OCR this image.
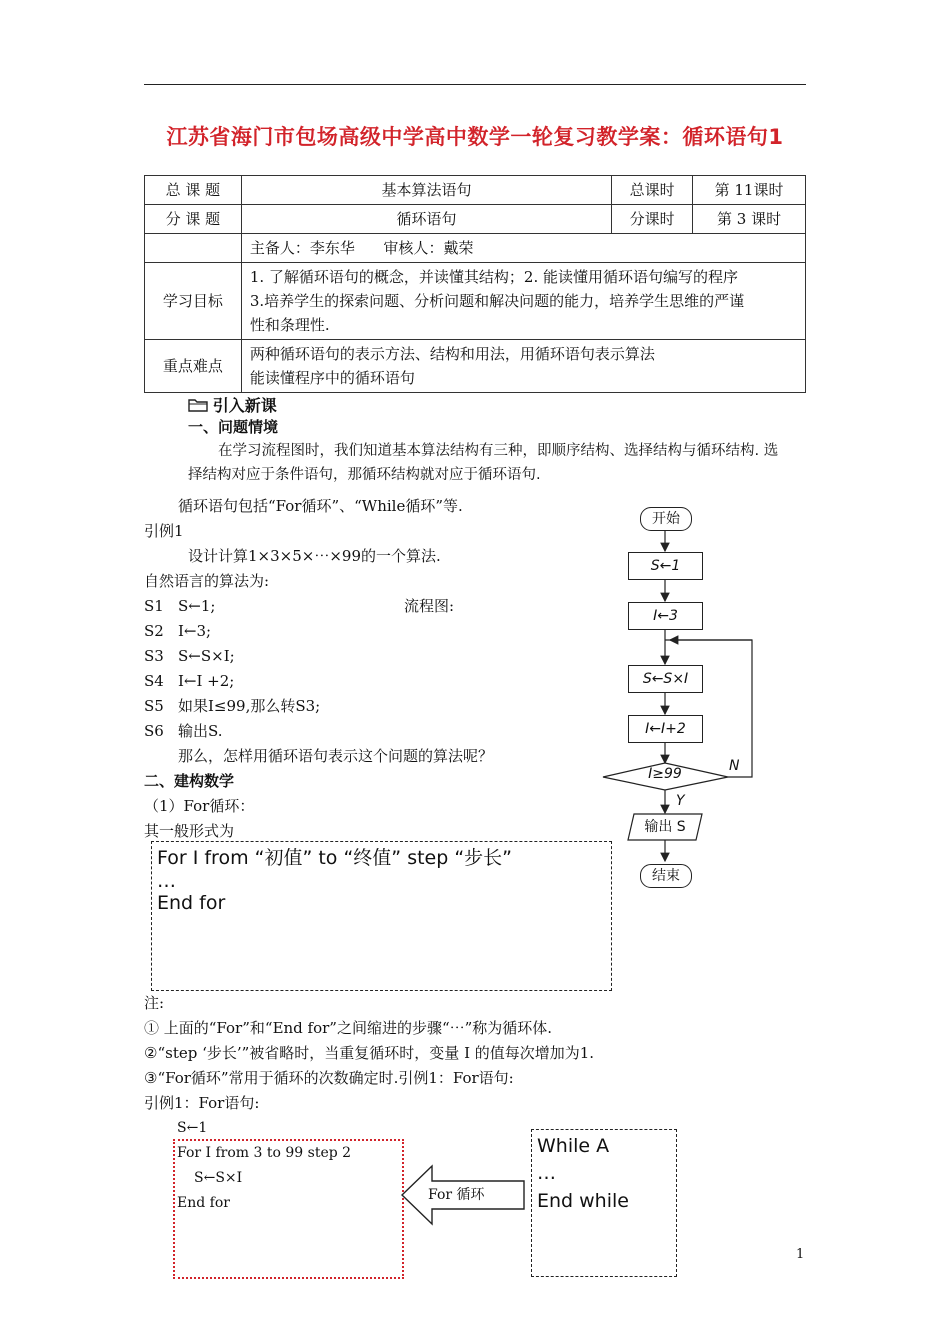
江苏省海门市包场高级中学高中数学一轮复习教学案：循环语句1
总 课 题	基本算法语句	总课时	第 11课时
分 课 题	循环语句	分课时	第 3 课时
	主备人：李东华      审核人：戴荣		
学习目标	1. 了解循环语句的概念，并读懂其结构；2. 能读懂用循环语句编写的程序
3.培养学生的探索问题、分析问题和解决问题的能力，培养学生思维的严谨
性和条理性.		

重点难点	两种循环语句的表示方法、结构和用法，用循环语句表示算法
能读懂程序中的循环语句		
引入新课
一、问题情境
在学习流程图时，我们知道基本算法结构有三种，即顺序结构、选择结构与循环结构. 选
择结构对应于条件语句，那循环结构就对应于循环语句.
循环语句包括“For循环”、“While循环”等.
引例1
设计计算1×3×5×⋯×99的一个算法.
自然语言的算法为:
流程图:
S1 S←1;
S2 I←3;
S3 S←S×I;
S4 I←I +2;
S5 如果I≤99,那么转S3;
S6 输出S.
那么，怎样用循环语句表示这个问题的算法呢？
二、建构数学
（1）For循环：
其一般形式为
For I from “初值” to “终值” step “步长”
…
End for
注:
① 上面的“For”和“End for”之间缩进的步骤“⋯”称为循环体.
②“step ‘步长’”被省略时，当重复循环时，变量 I 的值每次增加为1.
③“For循环”常用于循环的次数确定时.引例1：For语句:
引例1：For语句:
S←1
For I from 3 to 99 step 2
S←S×I
End for	For 循环
While A
…
End while
开始
S←1
I←3
S←S×I
I←I+2
I≥99	N
Y
输出 S
结束
1
